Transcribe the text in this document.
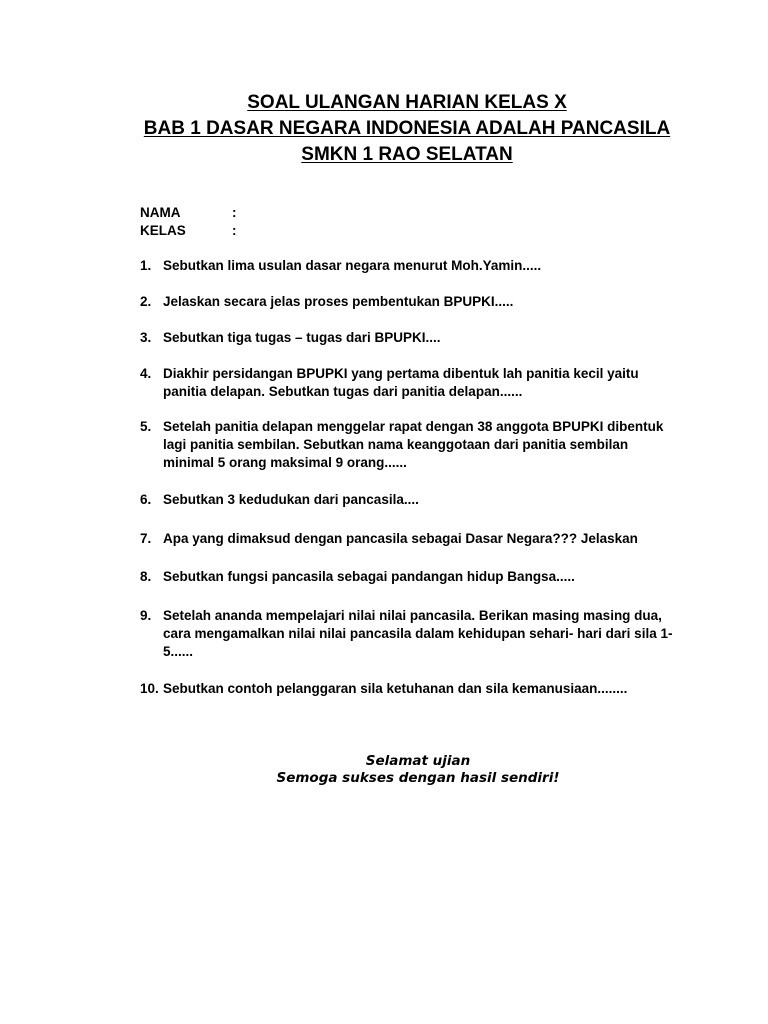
SOAL ULANGAN HARIAN KELAS X
BAB 1 DASAR NEGARA INDONESIA ADALAH PANCASILA
SMKN 1 RAO SELATAN
NAMA	:
KELAS	:
1. Sebutkan lima usulan dasar negara menurut Moh.Yamin.....
2. Jelaskan secara jelas proses pembentukan BPUPKI.....
3. Sebutkan tiga tugas – tugas dari BPUPKI....
4. Diakhir persidangan BPUPKI yang pertama dibentuk lah panitia kecil yaitu panitia delapan. Sebutkan tugas dari panitia delapan......
5. Setelah panitia delapan menggelar rapat dengan 38 anggota BPUPKI dibentuk lagi panitia sembilan. Sebutkan nama keanggotaan dari panitia sembilan minimal 5 orang maksimal 9 orang......
6. Sebutkan 3 kedudukan dari pancasila....
7. Apa yang dimaksud dengan pancasila sebagai Dasar Negara??? Jelaskan
8. Sebutkan fungsi pancasila sebagai pandangan hidup Bangsa.....
9. Setelah ananda mempelajari nilai nilai pancasila. Berikan masing masing dua, cara mengamalkan nilai nilai pancasila dalam kehidupan sehari- hari dari sila 1-5......
10. Sebutkan contoh pelanggaran sila ketuhanan dan sila kemanusiaan........
Selamat ujian
Semoga sukses dengan hasil sendiri!
